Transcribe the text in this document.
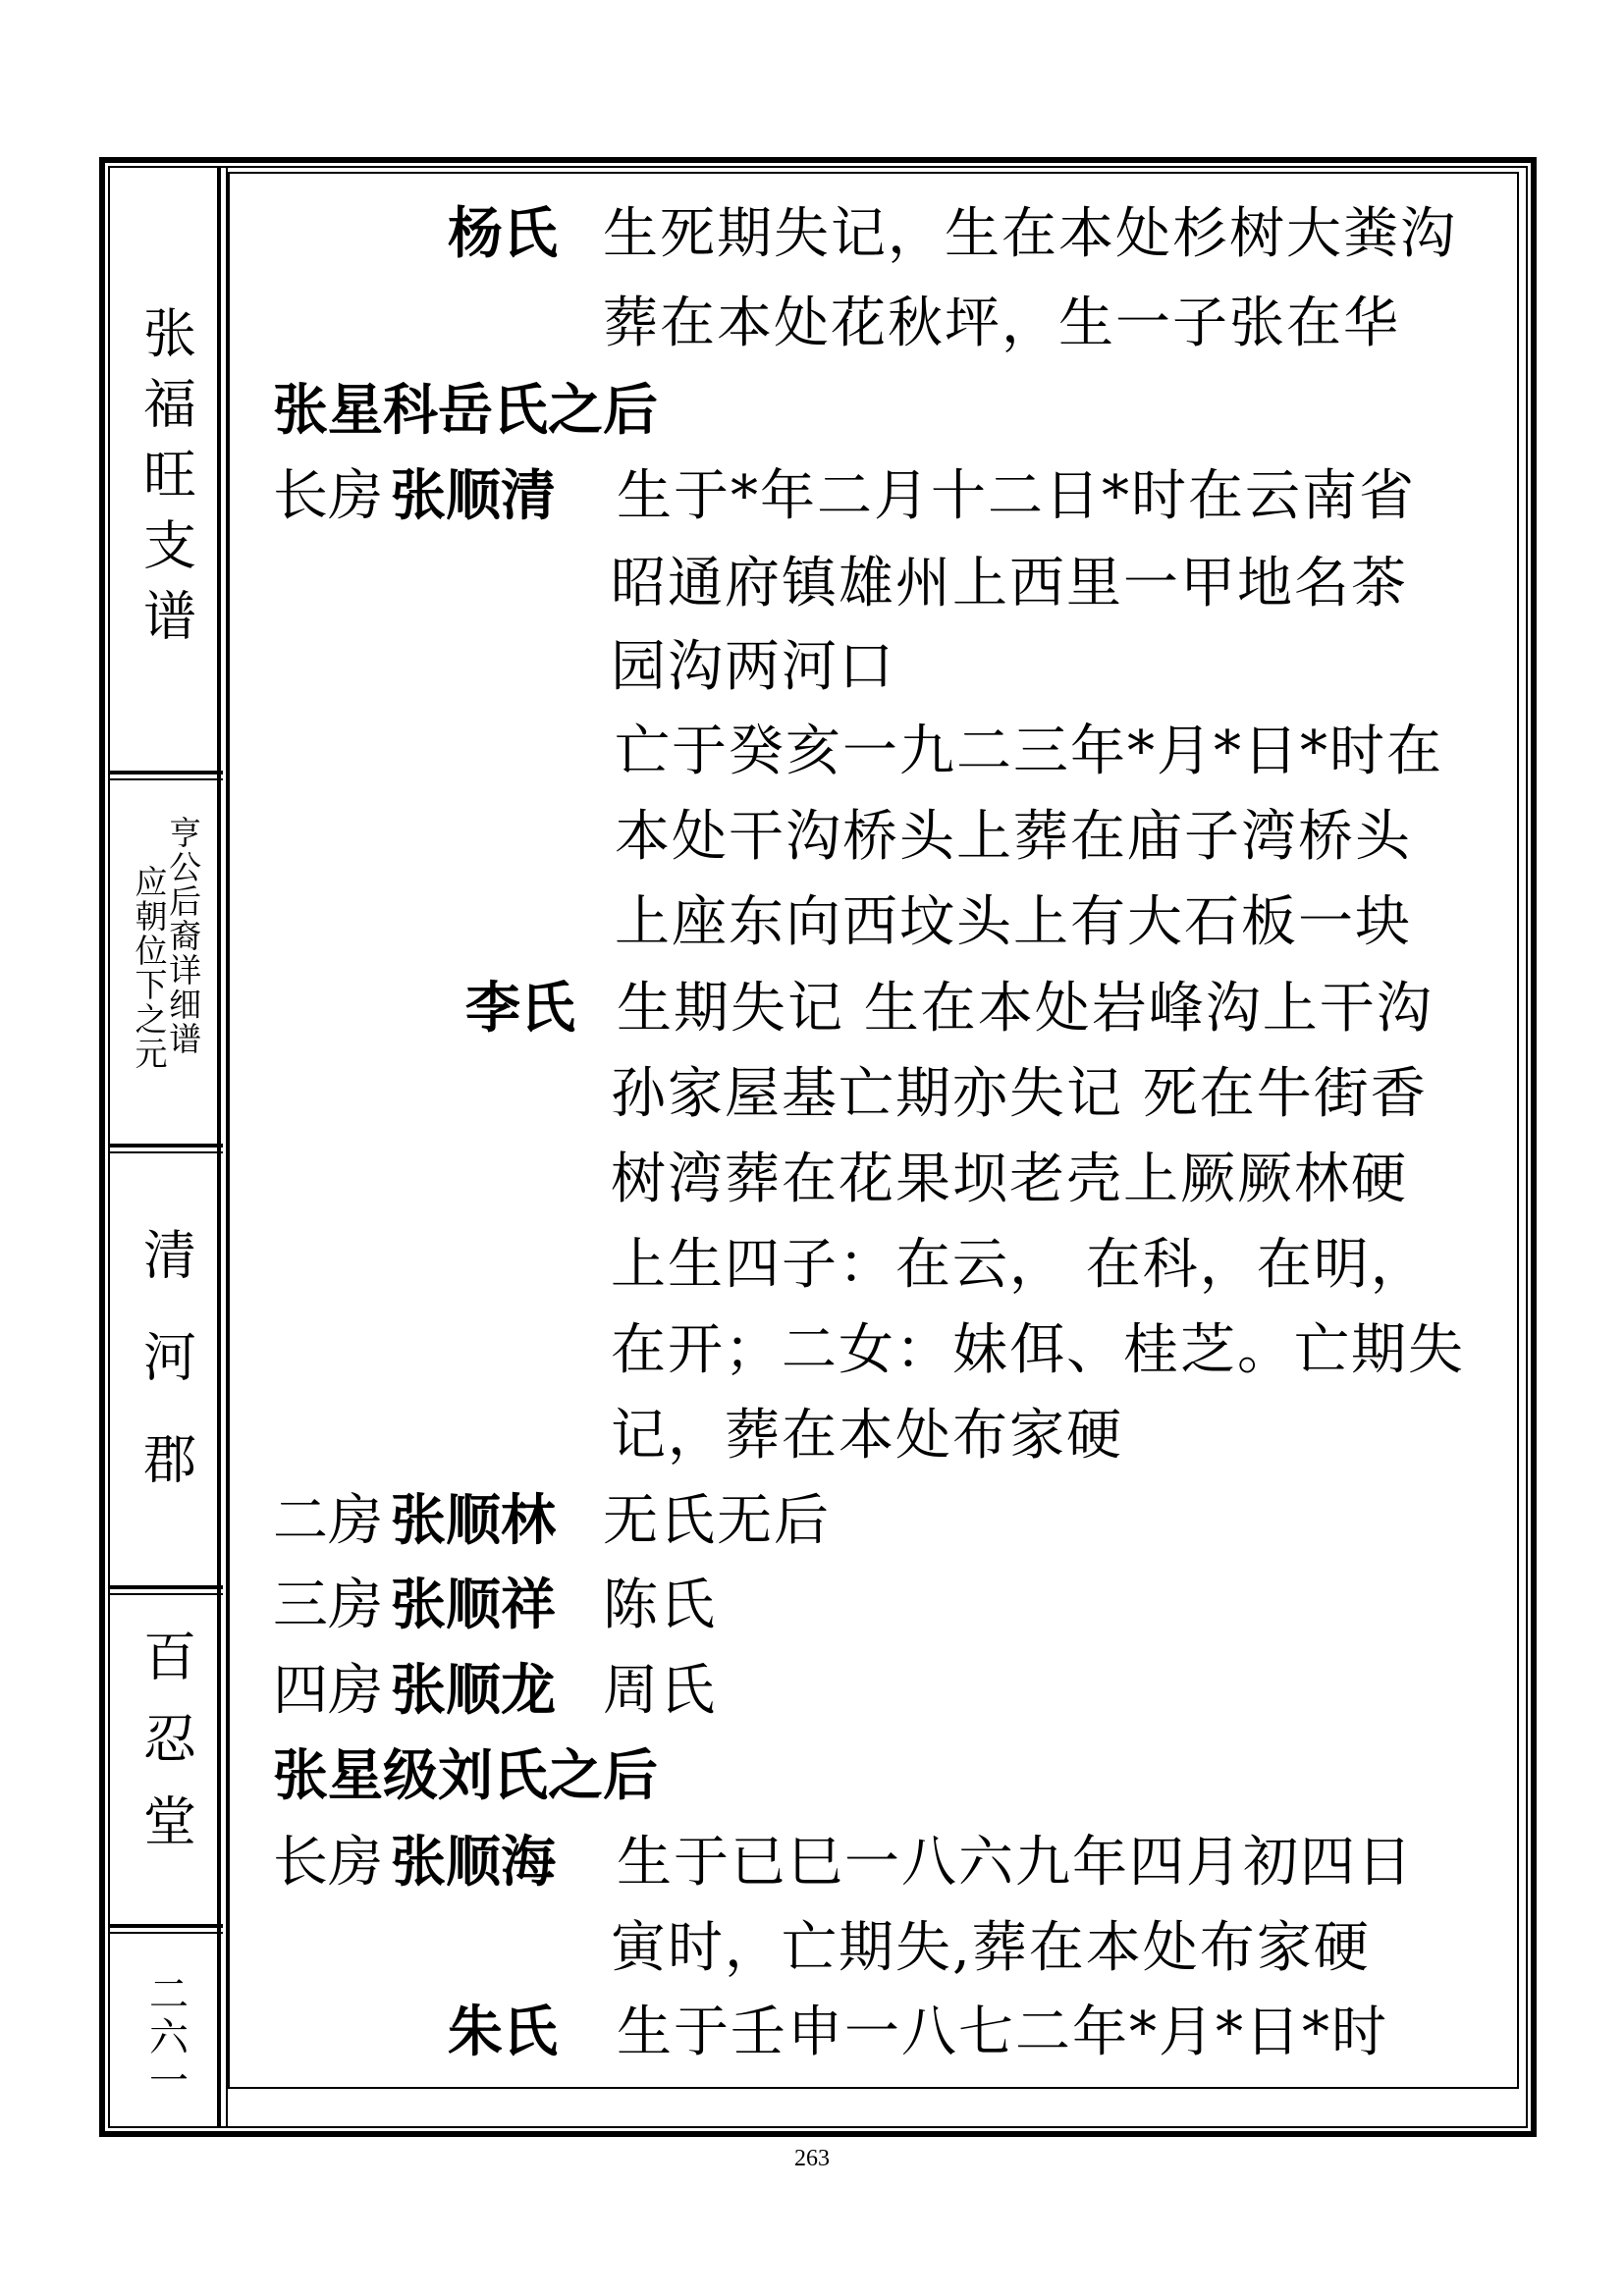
张福旺支谱
应朝位下之元
亨公后裔详细谱
清河郡
百忍堂
二六一
杨氏 生死期失记，生在本处杉树大粪沟
葬在本处花秋坪，生一子张在华
张星科岳氏之后
长房 张顺清 生于*年二月十二日*时在云南省
昭通府镇雄州上西里一甲地名茶
园沟两河口
亡于癸亥一九二三年*月*日*时在
本处干沟桥头上葬在庙子湾桥头
上座东向西坟头上有大石板一块
李氏 生期失记 生在本处岩峰沟上干沟
孙家屋基亡期亦失记 死在牛街香
树湾葬在花果坝老壳上厥厥林硬
上生四子：在云， 在科，在明，
在开；二女：妹佴、桂芝。亡期失
记，葬在本处布家硬
二房 张顺林 无氏无后
三房 张顺祥 陈氏
四房 张顺龙 周氏
张星级刘氏之后
长房 张顺海 生于已巳一八六九年四月初四日
寅时，亡期失,葬在本处布家硬
朱氏 生于壬申一八七二年*月*日*时
263
